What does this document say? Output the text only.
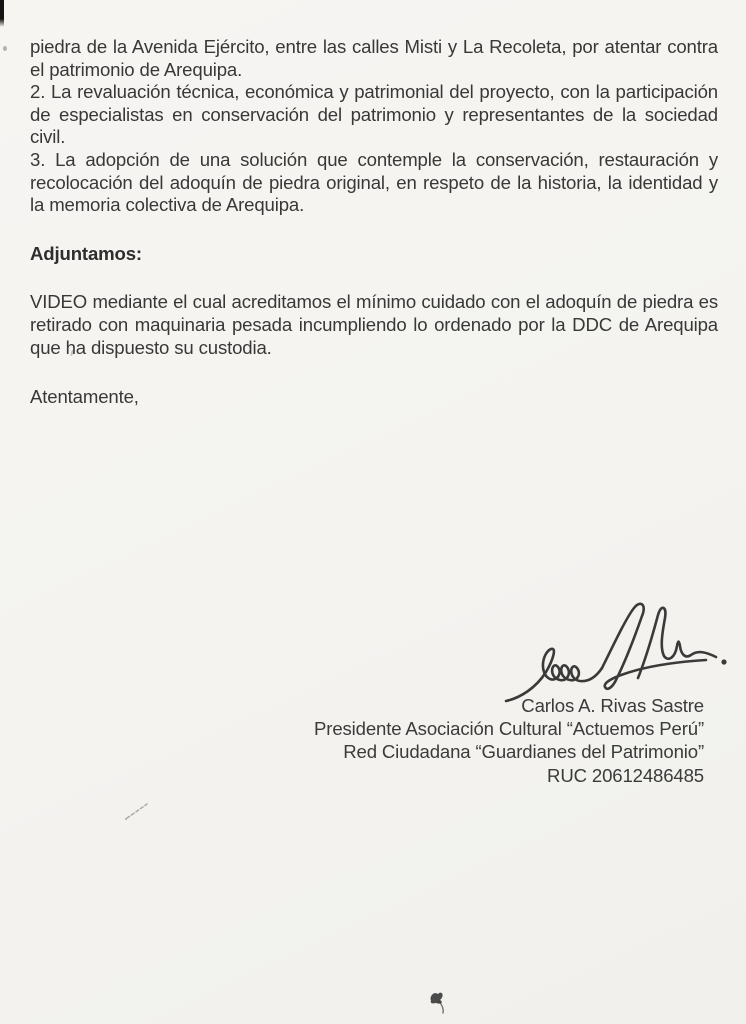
piedra de la Avenida Ejército, entre las calles Misti y La Recoleta, por atentar contra el patrimonio de Arequipa.

2. La revaluación técnica, económica y patrimonial del proyecto, con la participación de especialistas en conservación del patrimonio y representantes de la sociedad civil.

3. La adopción de una solución que contemple la conservación, restauración y recolocación del adoquín de piedra original, en respeto de la historia, la identidad y la memoria colectiva de Arequipa.

Adjuntamos:

VIDEO mediante el cual acreditamos el mínimo cuidado con el adoquín de piedra es retirado con maquinaria pesada incumpliendo lo ordenado por la DDC de Arequipa que ha dispuesto su custodia.

Atentamente,

Carlos A. Rivas Sastre
Presidente Asociación Cultural “Actuemos Perú”
Red Ciudadana “Guardianes del Patrimonio”
RUC 20612486485
